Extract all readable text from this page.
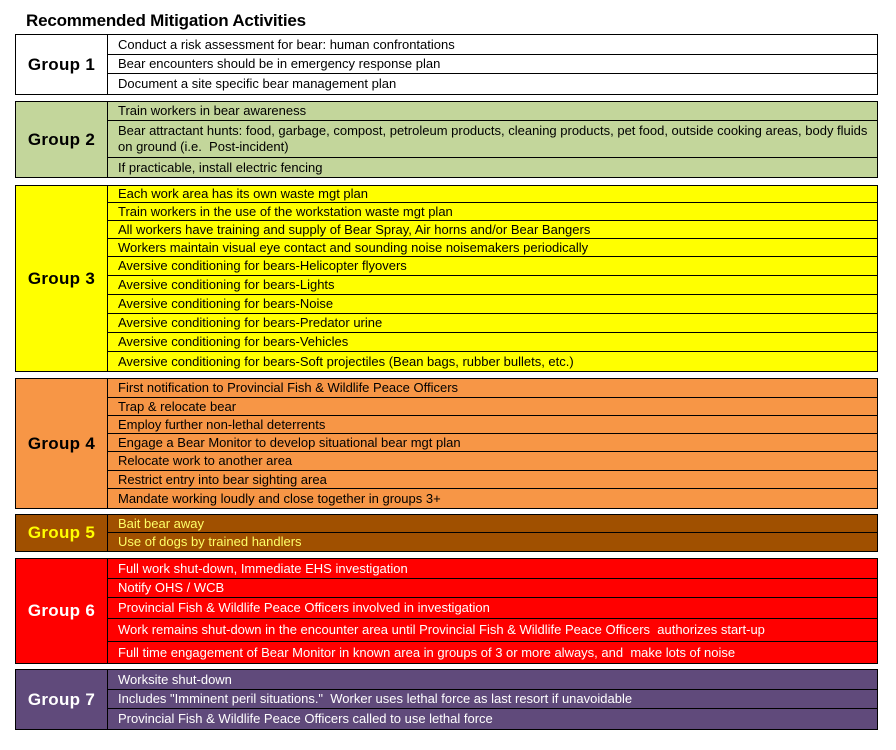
Recommended Mitigation Activities
Group 1
Conduct a risk assessment for bear: human confrontations
Bear encounters should be in emergency response plan
Document a site specific bear management plan
Group 2
Train workers in bear awareness
Bear attractant hunts: food, garbage, compost, petroleum products, cleaning products, pet food, outside cooking areas, body fluids on ground (i.e.  Post-incident)
If practicable, install electric fencing
Group 3
Each work area has its own waste mgt plan
Train workers in the use of the workstation waste mgt plan
All workers have training and supply of Bear Spray, Air horns and/or Bear Bangers
Workers maintain visual eye contact and sounding noise noisemakers periodically
Aversive conditioning for bears-Helicopter flyovers
Aversive conditioning for bears-Lights
Aversive conditioning for bears-Noise
Aversive conditioning for bears-Predator urine
Aversive conditioning for bears-Vehicles
Aversive conditioning for bears-Soft projectiles (Bean bags, rubber bullets, etc.)
Group 4
First notification to Provincial Fish & Wildlife Peace Officers
Trap & relocate bear
Employ further non-lethal deterrents
Engage a Bear Monitor to develop situational bear mgt plan
Relocate work to another area
Restrict entry into bear sighting area
Mandate working loudly and close together in groups 3+
Group 5	Bait bear away
Use of dogs by trained handlers
Group 6
Full work shut-down, Immediate EHS investigation
Notify OHS / WCB
Provincial Fish & Wildlife Peace Officers involved in investigation
Work remains shut-down in the encounter area until Provincial Fish & Wildlife Peace Officers  authorizes start-up
Full time engagement of Bear Monitor in known area in groups of 3 or more always, and  make lots of noise
Group 7
Worksite shut-down
Includes "Imminent peril situations."  Worker uses lethal force as last resort if unavoidable
Provincial Fish & Wildlife Peace Officers called to use lethal force
